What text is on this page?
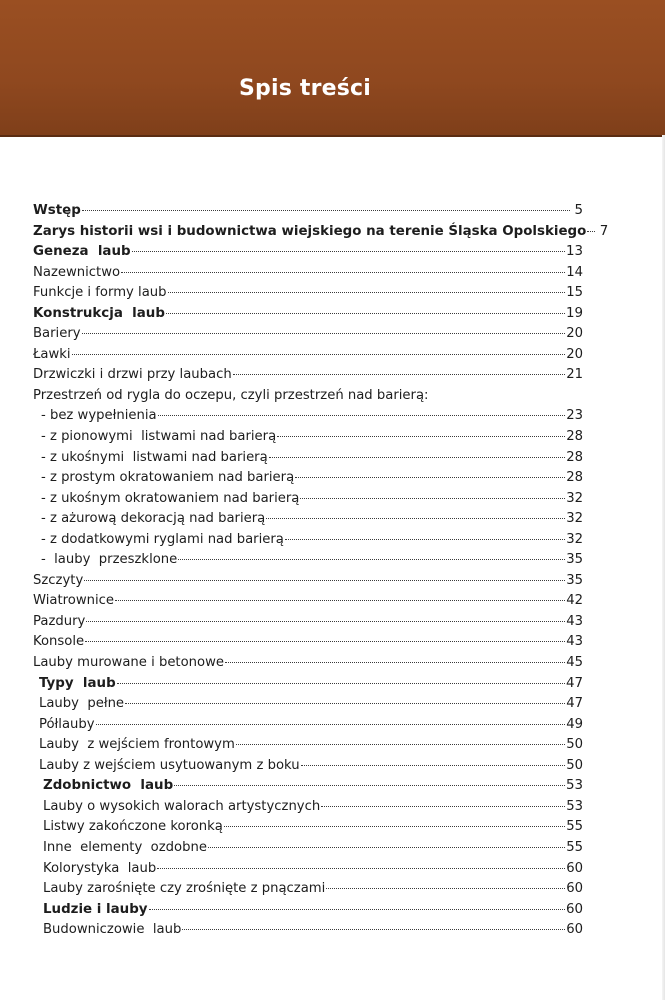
Spis treści
Wstęp	5
Zarys historii wsi i budownictwa wiejskiego na terenie Śląska Opolskiego 7
Geneza  laub	13
Nazewnictwo	14
Funkcje i formy laub	15
Konstrukcja  laub	19
Bariery	20
Ławki	20
Drzwiczki i drzwi przy laubach	21
Przestrzeń od rygla do oczepu, czyli przestrzeń nad barierą:
- bez wypełnienia	23
- z pionowymi  listwami nad barierą	28
- z ukośnymi  listwami nad barierą	28
- z prostym okratowaniem nad barierą	28
- z ukośnym okratowaniem nad barierą	32
- z ażurową dekoracją nad barierą	32
- z dodatkowymi ryglami nad barierą	32
-  lauby  przeszklone	35
Szczyty	35
Wiatrownice	42
Pazdury	43
Konsole	43
Lauby murowane i betonowe	45
Typy  laub	47
Lauby  pełne	47
Półlauby	49
Lauby  z wejściem frontowym	50
Lauby z wejściem usytuowanym z boku	50
Zdobnictwo  laub	53
Lauby o wysokich walorach artystycznych	53
Listwy zakończone koronką	55
Inne  elementy  ozdobne	55
Kolorystyka  laub	60
Lauby zarośnięte czy zrośnięte z pnączami	60
Ludzie i lauby	60
Budowniczowie  laub	60
